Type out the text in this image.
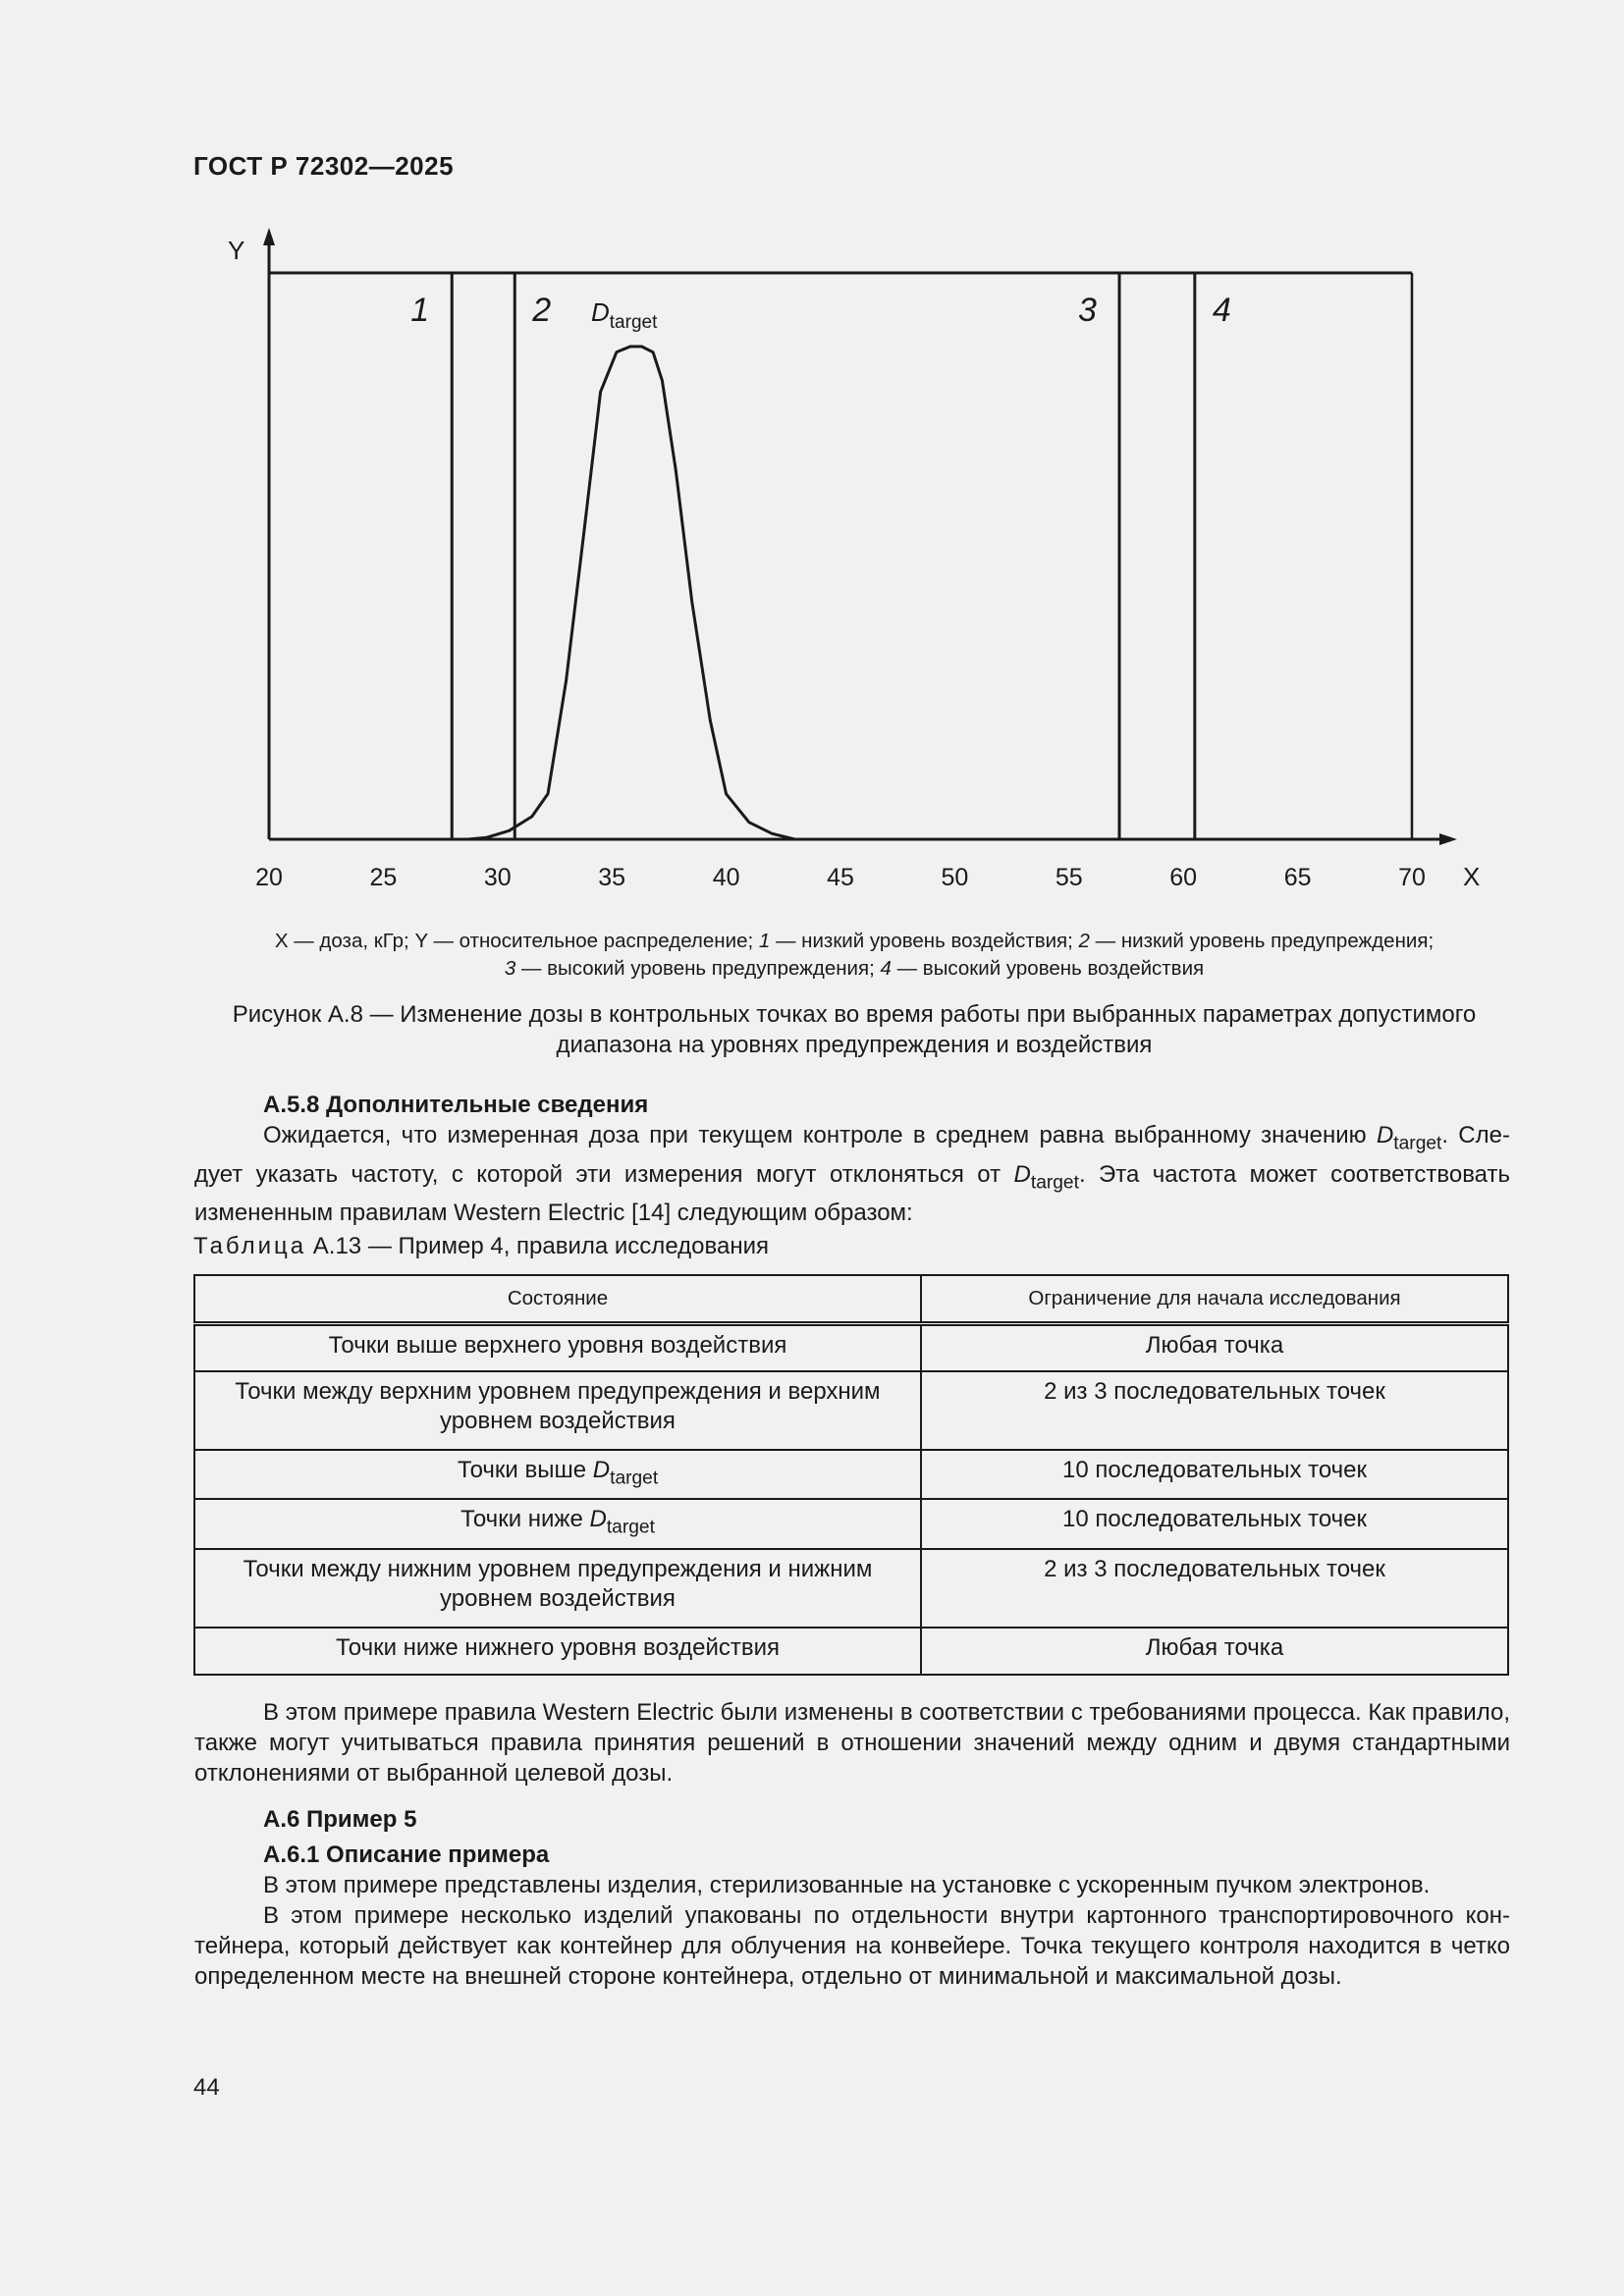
ГОСТ Р 72302—2025
20	25	30	35	40	45	50	55	60	65	70
1	2	3	4
X
Y
$D_{target}$
X — доза, кГр; Y — относительное распределение; 1 — низкий уровень воздействия; 2 — низкий уровень предупреждения;
3 — высокий уровень предупреждения; 4 — высокий уровень воздействия
Рисунок А.8 — Изменение дозы в контрольных точках во время работы при выбранных параметрах допустимого
диапазона на уровнях предупреждения и воздействия
А.5.8 Дополнительные сведения
Ожидается, что измеренная доза при текущем контроле в среднем равна выбранному значению $D_{target}$. Сле-
дует указать частоту, с которой эти измерения могут отклоняться от $D_{target}$. Эта частота может соответствовать
измененным правилам Western Electric [14] следующим образом:
Таблица А.13 — Пример 4, правила исследования
Состояние	Ограничение для начала исследования
Точки выше верхнего уровня воздействия	Любая точка
Точки между верхним уровнем предупреждения и верхним уровнем воздействия	2 из 3 последовательных точек
Точки выше $D_{target}$	10 последовательных точек
Точки ниже $D_{target}$	10 последовательных точек
Точки между нижним уровнем предупреждения и нижним уровнем воздействия	2 из 3 последовательных точек
Точки ниже нижнего уровня воздействия	Любая точка
В этом примере правила Western Electric были изменены в соответствии с требованиями процесса. Как правило, также могут учитываться правила принятия решений в отношении значений между одним и двумя стандартными отклонениями от выбранной целевой дозы.
А.6 Пример 5
А.6.1 Описание примера
В этом примере представлены изделия, стерилизованные на установке с ускоренным пучком электронов.
В этом примере несколько изделий упакованы по отдельности внутри картонного транспортировочного контейнера, который действует как контейнер для облучения на конвейере. Точка текущего контроля находится в четко определенном месте на внешней стороне контейнера, отдельно от минимальной и максимальной дозы.
44
